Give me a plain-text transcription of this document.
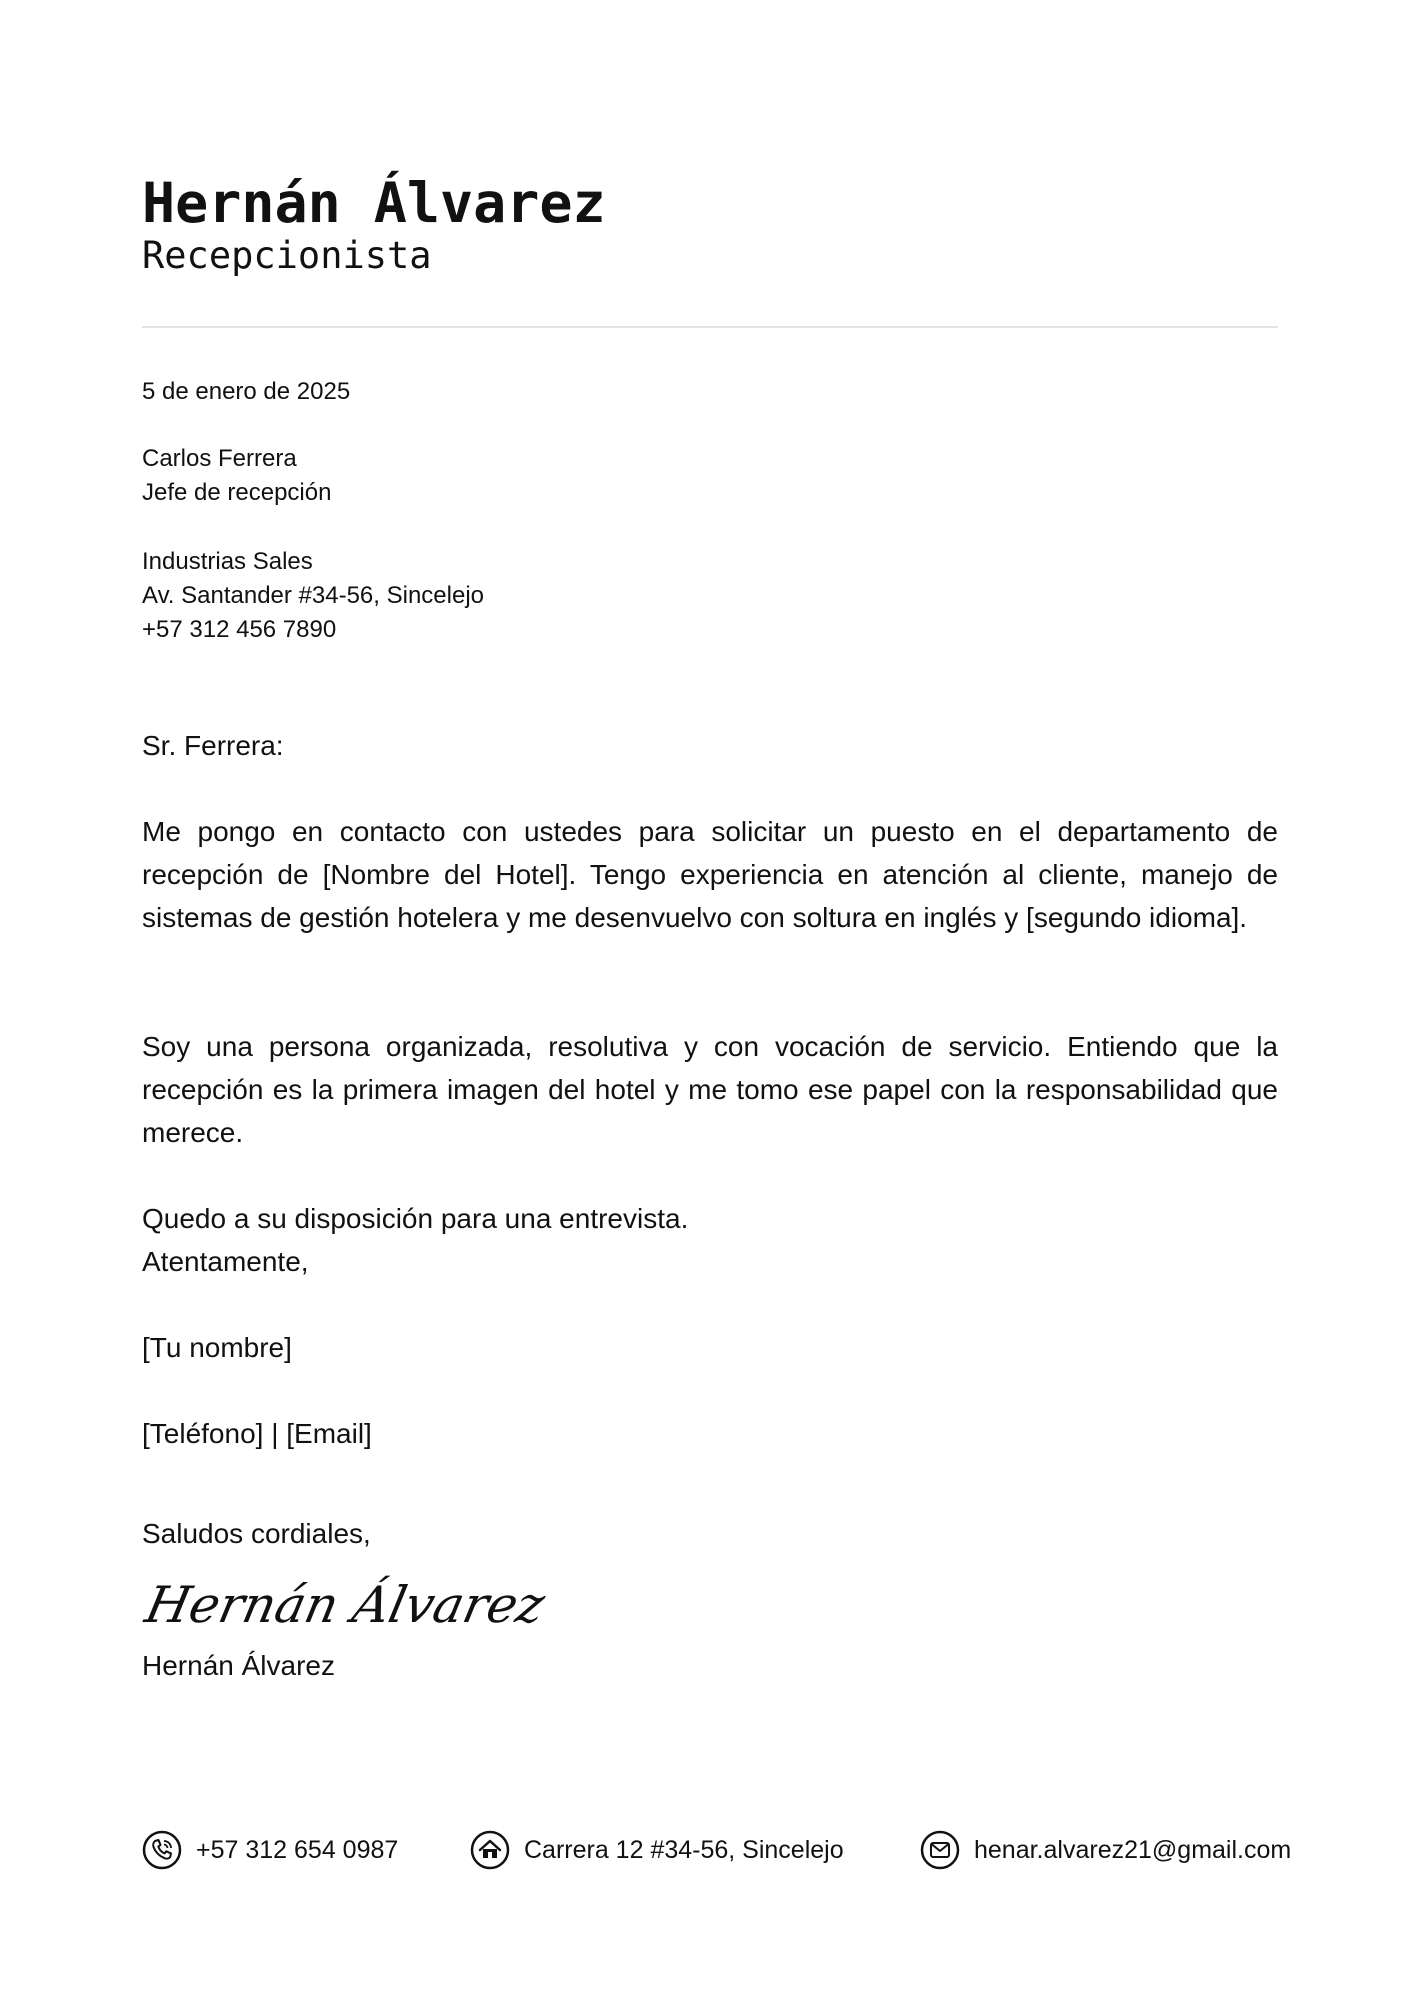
Hernán Álvarez
Recepcionista
5 de enero de 2025
Carlos Ferrera
Jefe de recepción
Industrias Sales
Av. Santander #34-56, Sincelejo
+57 312 456 7890
Sr. Ferrera:

Me pongo en contacto con ustedes para solicitar un puesto en el departamento de recepción de [Nombre del Hotel]. Tengo experiencia en atención al cliente, manejo de sistemas de gestión hotelera y me desenvuelvo con soltura en inglés y [segundo idioma].

Soy una persona organizada, resolutiva y con vocación de servicio. Entiendo que la recepción es la primera imagen del hotel y me tomo ese papel con la responsabilidad que merece.

Quedo a su disposición para una entrevista.
Atentamente,
[Tu nombre]
[Teléfono] | [Email]
Saludos cordiales,
Hernán Álvarez
Hernán Álvarez
+57 312 654 0987	Carrera 12 #34-56, Sincelejo	henar.alvarez21@gmail.com
